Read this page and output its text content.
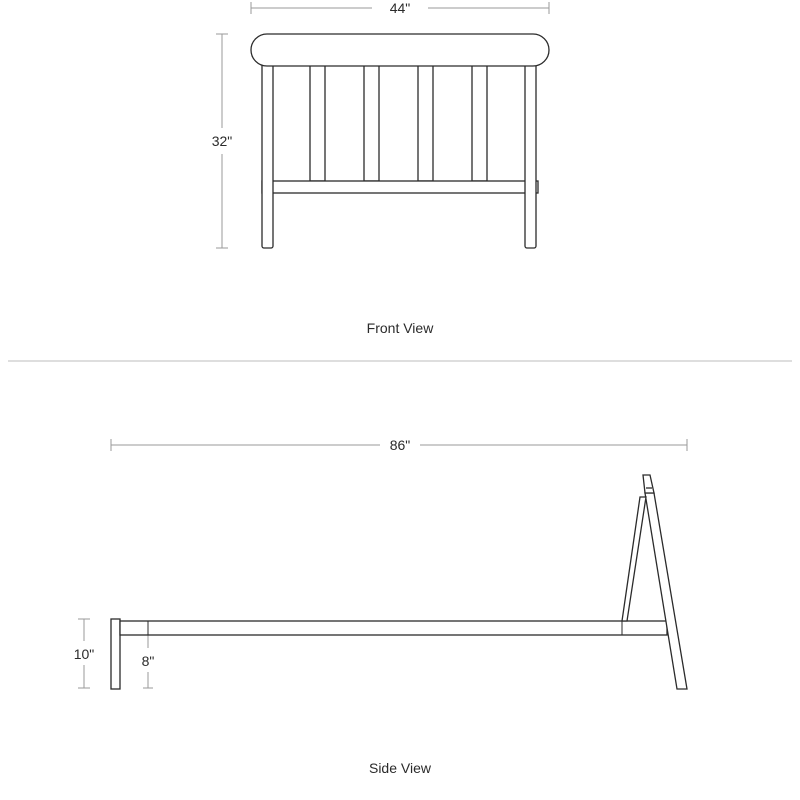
44"
32"
Front View
86"
10"	8"
Side View
